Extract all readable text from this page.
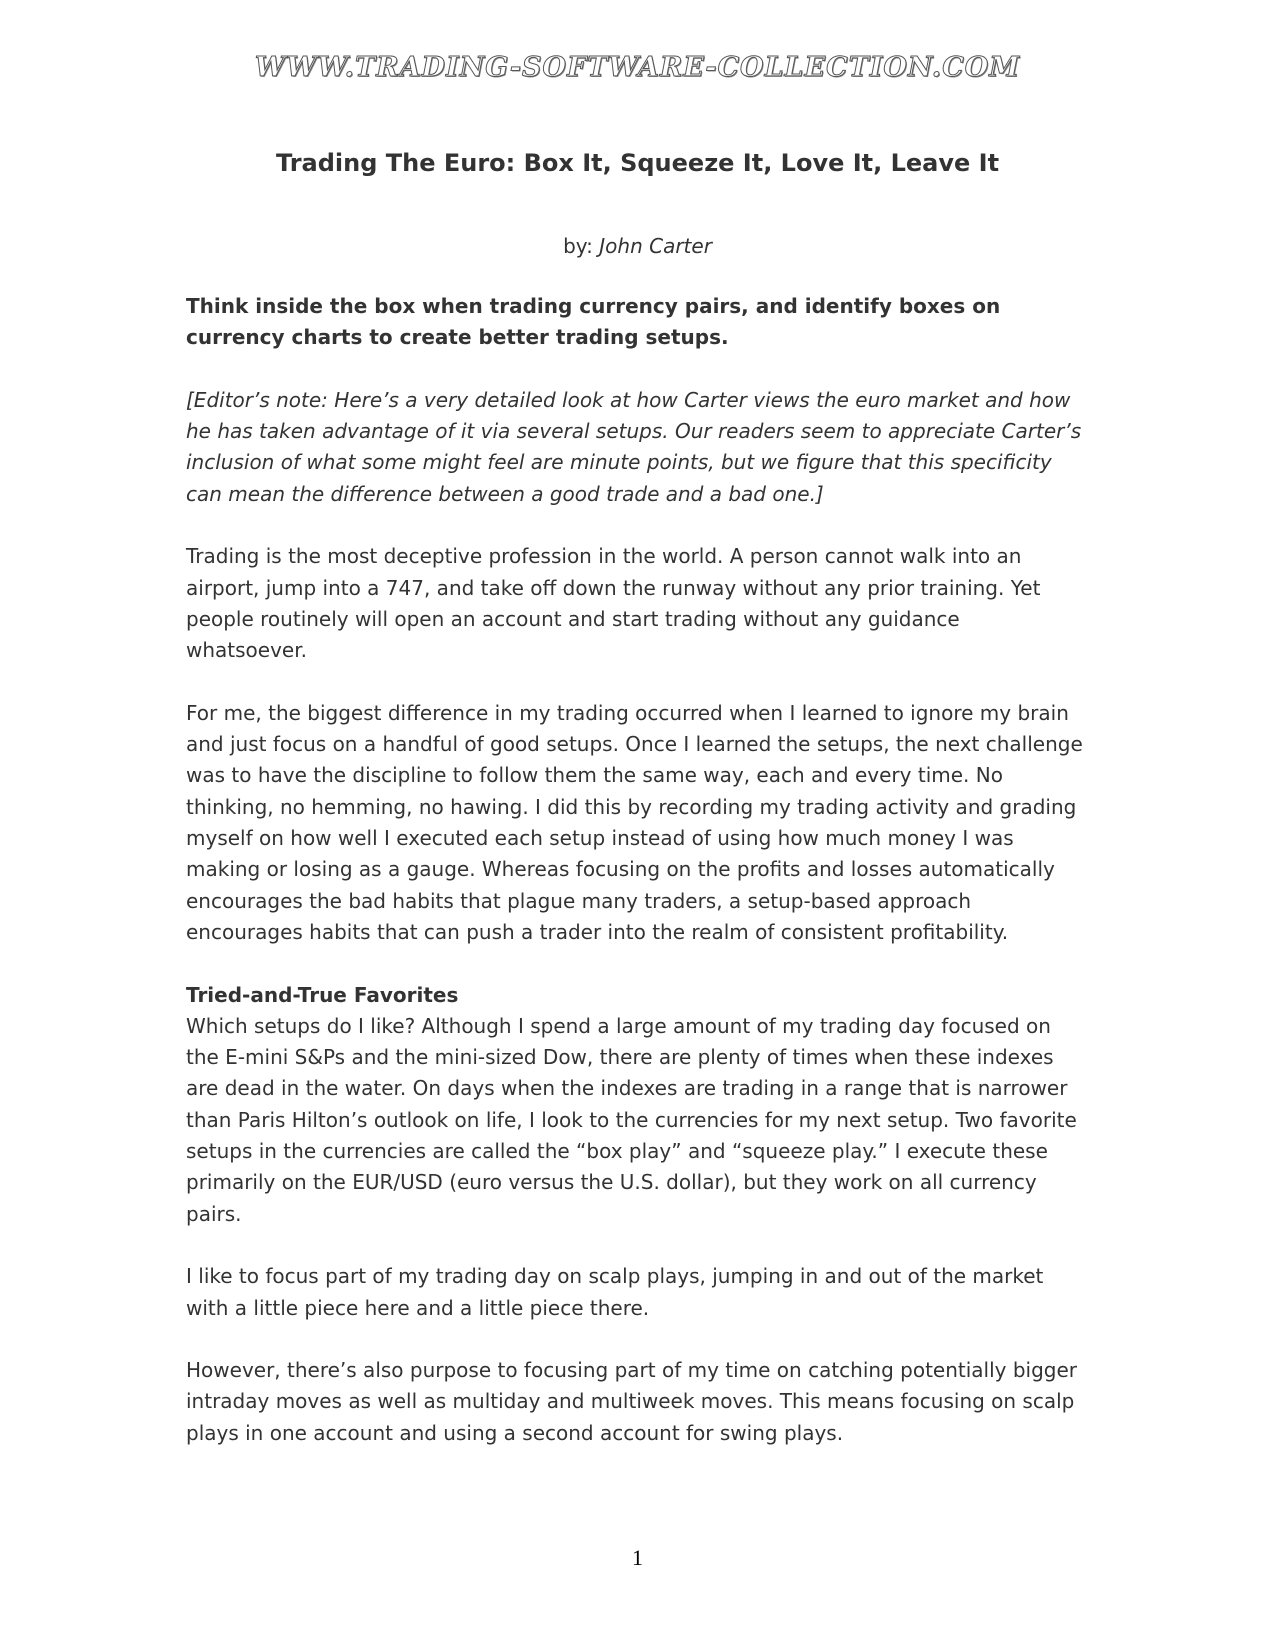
WWW.TRADING-SOFTWARE-COLLECTION.COM
Trading The Euro: Box It, Squeeze It, Love It, Leave It
by: John Carter

Think inside the box when trading currency pairs, and identify boxes on currency charts to create better trading setups.

[Editor’s note: Here’s a very detailed look at how Carter views the euro market and how he has taken advantage of it via several setups. Our readers seem to appreciate Carter’s inclusion of what some might feel are minute points, but we figure that this specificity can mean the difference between a good trade and a bad one.]

Trading is the most deceptive profession in the world. A person cannot walk into an airport, jump into a 747, and take off down the runway without any prior training. Yet people routinely will open an account and start trading without any guidance whatsoever.

For me, the biggest difference in my trading occurred when I learned to ignore my brain and just focus on a handful of good setups. Once I learned the setups, the next challenge was to have the discipline to follow them the same way, each and every time. No thinking, no hemming, no hawing. I did this by recording my trading activity and grading myself on how well I executed each setup instead of using how much money I was making or losing as a gauge. Whereas focusing on the profits and losses automatically encourages the bad habits that plague many traders, a setup-based approach encourages habits that can push a trader into the realm of consistent profitability.

Tried-and-True Favorites

Which setups do I like? Although I spend a large amount of my trading day focused on the E-mini S&Ps and the mini-sized Dow, there are plenty of times when these indexes are dead in the water. On days when the indexes are trading in a range that is narrower than Paris Hilton’s outlook on life, I look to the currencies for my next setup. Two favorite setups in the currencies are called the “box play” and “squeeze play.” I execute these primarily on the EUR/USD (euro versus the U.S. dollar), but they work on all currency pairs.

I like to focus part of my trading day on scalp plays, jumping in and out of the market with a little piece here and a little piece there.

However, there’s also purpose to focusing part of my time on catching potentially bigger intraday moves as well as multiday and multiweek moves. This means focusing on scalp plays in one account and using a second account for swing plays.

1
